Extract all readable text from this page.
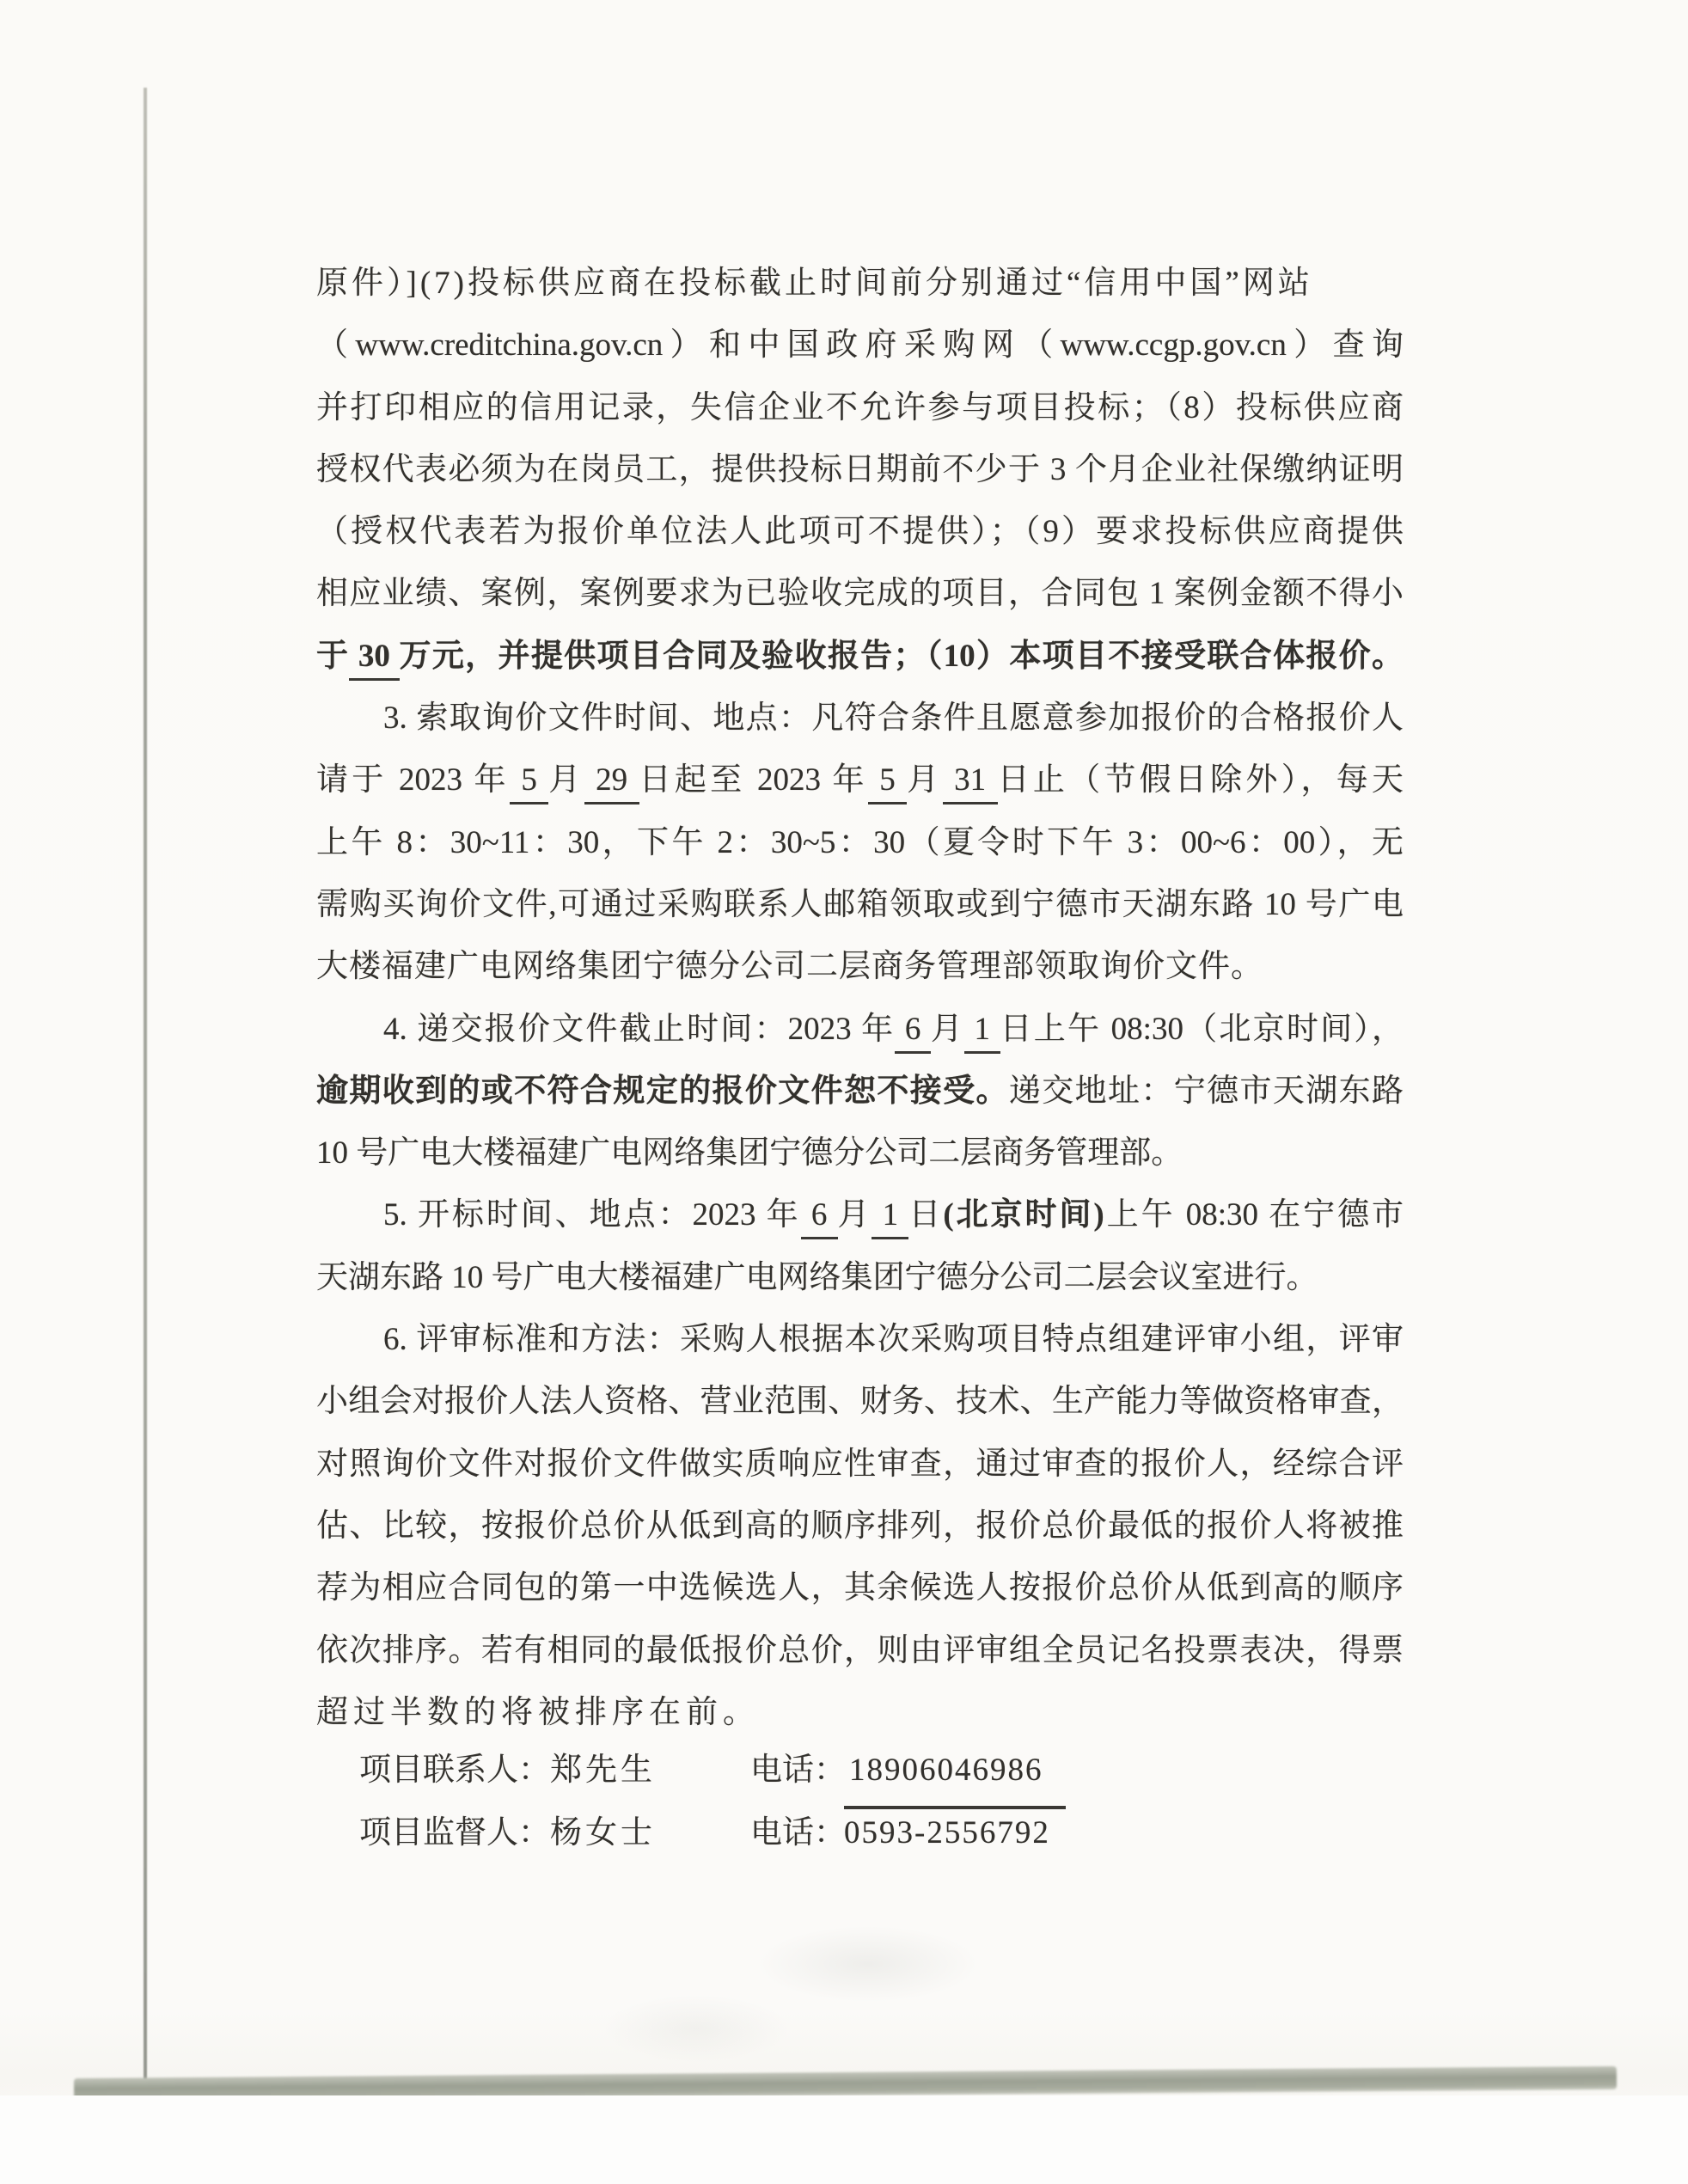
原件）](7)投标供应商在投标截止时间前分别通过“信用中国”网站
（www.creditchina.gov.cn）和中国政府采购网（www.ccgp.gov.cn）查询
并打印相应的信用记录，失信企业不允许参与项目投标；（8）投标供应商
授权代表必须为在岗员工，提供投标日期前不少于 3 个月企业社保缴纳证明
（授权代表若为报价单位法人此项可不提供）；（9）要求投标供应商提供
相应业绩、案例，案例要求为已验收完成的项目，合同包 1 案例金额不得小
于 30 万元，并提供项目合同及验收报告；（10）本项目不接受联合体报价。
3. 索取询价文件时间、地点：凡符合条件且愿意参加报价的合格报价人
请于 2023 年 5 月 29 日起至 2023 年 5 月 31 日止（节假日除外），每天
上午 8：30~11：30，下午 2：30~5：30（夏令时下午 3：00~6：00），无
需购买询价文件,可通过采购联系人邮箱领取或到宁德市天湖东路 10 号广电
大楼福建广电网络集团宁德分公司二层商务管理部领取询价文件。
4. 递交报价文件截止时间：2023 年 6 月 1 日上午 08:30（北京时间），
逾期收到的或不符合规定的报价文件恕不接受。递交地址：宁德市天湖东路
10 号广电大楼福建广电网络集团宁德分公司二层商务管理部。
5. 开标时间、地点：2023 年 6 月 1 日(北京时间)上午 08:30 在宁德市
天湖东路 10 号广电大楼福建广电网络集团宁德分公司二层会议室进行。
6. 评审标准和方法：采购人根据本次采购项目特点组建评审小组，评审
小组会对报价人法人资格、营业范围、财务、技术、生产能力等做资格审查，
对照询价文件对报价文件做实质响应性审查，通过审查的报价人，经综合评
估、比较，按报价总价从低到高的顺序排列，报价总价最低的报价人将被推
荐为相应合同包的第一中选候选人，其余候选人按报价总价从低到高的顺序
依次排序。若有相同的最低报价总价，则由评审组全员记名投票表决，得票
超过半数的将被排序在前。
项目联系人： 郑先生	电话： 18906046986
项目监督人： 杨女士	电话：
0593-2556792
